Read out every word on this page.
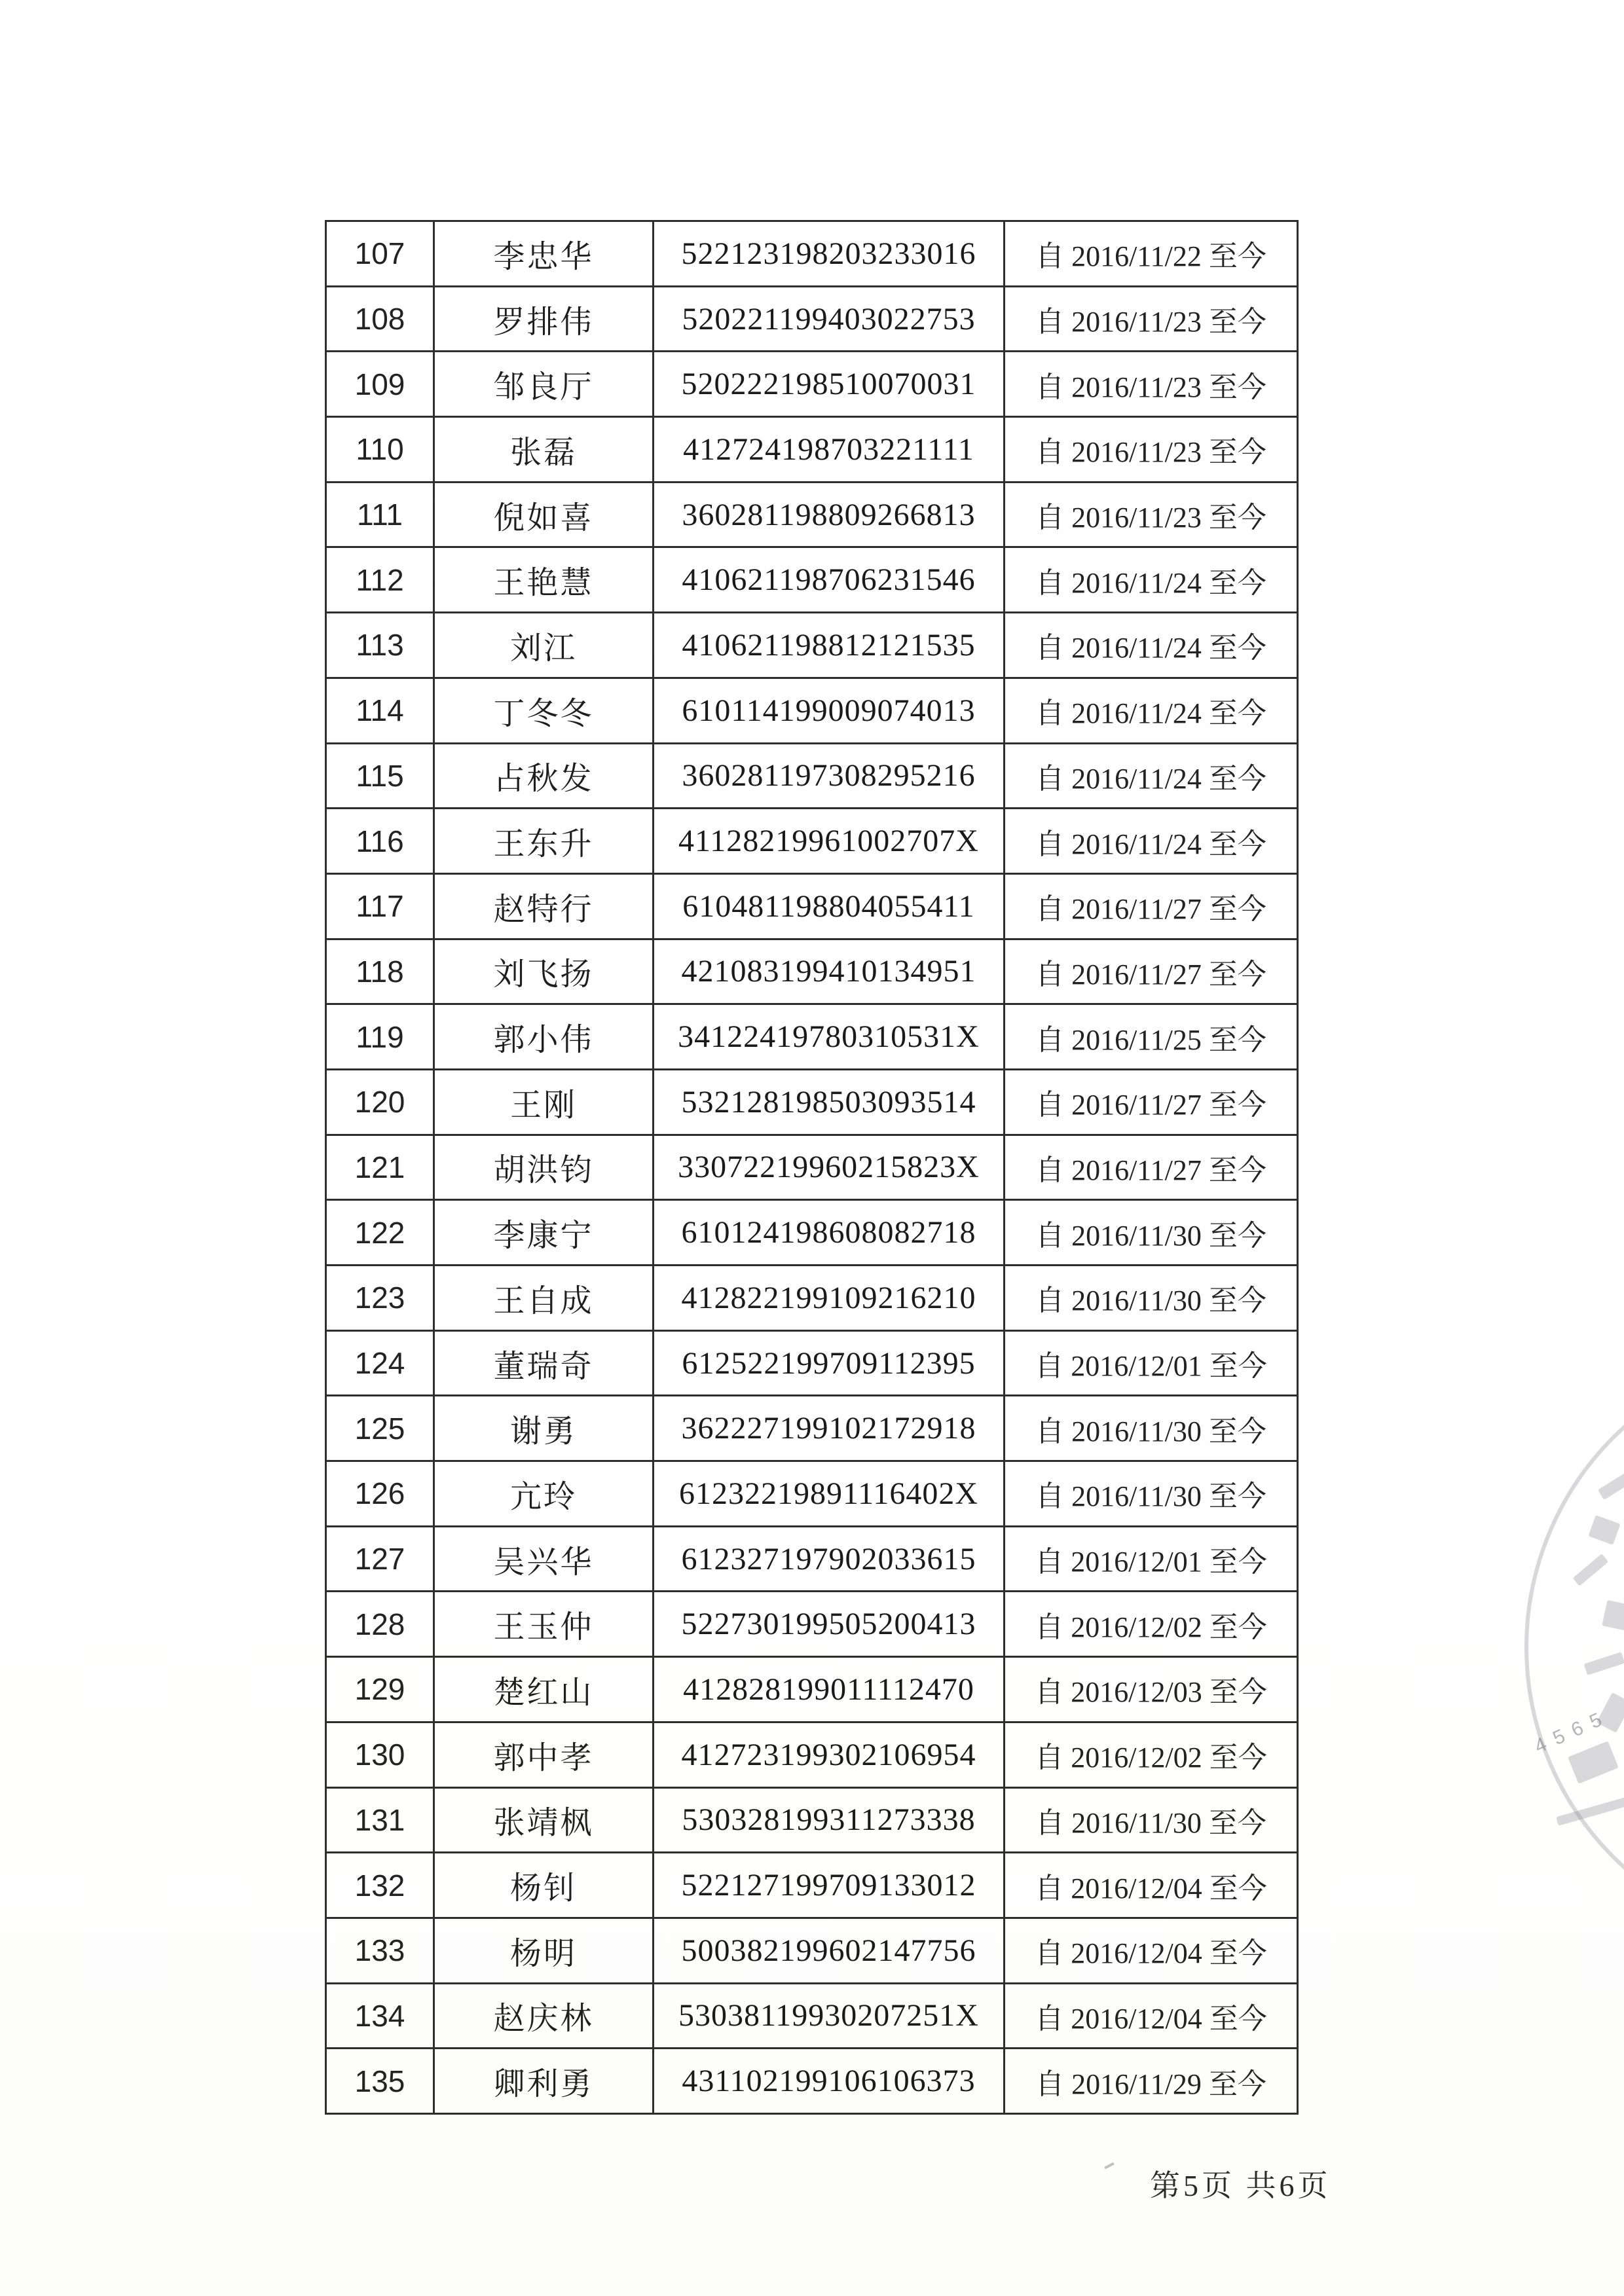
107	李忠华	522123198203233016	自 2016/11/22 至今
108	罗排伟	520221199403022753	自 2016/11/23 至今
109	邹良厅	520222198510070031	自 2016/11/23 至今
110	张磊	412724198703221111	自 2016/11/23 至今
111	倪如喜	360281198809266813	自 2016/11/23 至今
112	王艳慧	410621198706231546	自 2016/11/24 至今
113	刘江	410621198812121535	自 2016/11/24 至今
114	丁冬冬	610114199009074013	自 2016/11/24 至今
115	占秋发	360281197308295216	自 2016/11/24 至今
116	王东升	41128219961002707X	自 2016/11/24 至今
117	赵特行	610481198804055411	自 2016/11/27 至今
118	刘飞扬	421083199410134951	自 2016/11/27 至今
119	郭小伟	34122419780310531X	自 2016/11/25 至今
120	王刚	532128198503093514	自 2016/11/27 至今
121	胡洪钧	33072219960215823X	自 2016/11/27 至今
122	李康宁	610124198608082718	自 2016/11/30 至今
123	王自成	412822199109216210	自 2016/11/30 至今
124	董瑞奇	612522199709112395	自 2016/12/01 至今
125	谢勇	362227199102172918	自 2016/11/30 至今
126	亢玲	61232219891116402X	自 2016/11/30 至今
127	吴兴华	612327197902033615	自 2016/12/01 至今
128	王玉仲	522730199505200413	自 2016/12/02 至今
129	楚红山	412828199011112470	自 2016/12/03 至今
130	郭中孝	412723199302106954	自 2016/12/02 至今
131	张靖枫	530328199311273338	自 2016/11/30 至今
132	杨钊	522127199709133012	自 2016/12/04 至今
133	杨明	500382199602147756	自 2016/12/04 至今
134	赵庆林	53038119930207251X	自 2016/12/04 至今
135	卿利勇	431102199106106373	自 2016/11/29 至今
第5页 共6页
4565
